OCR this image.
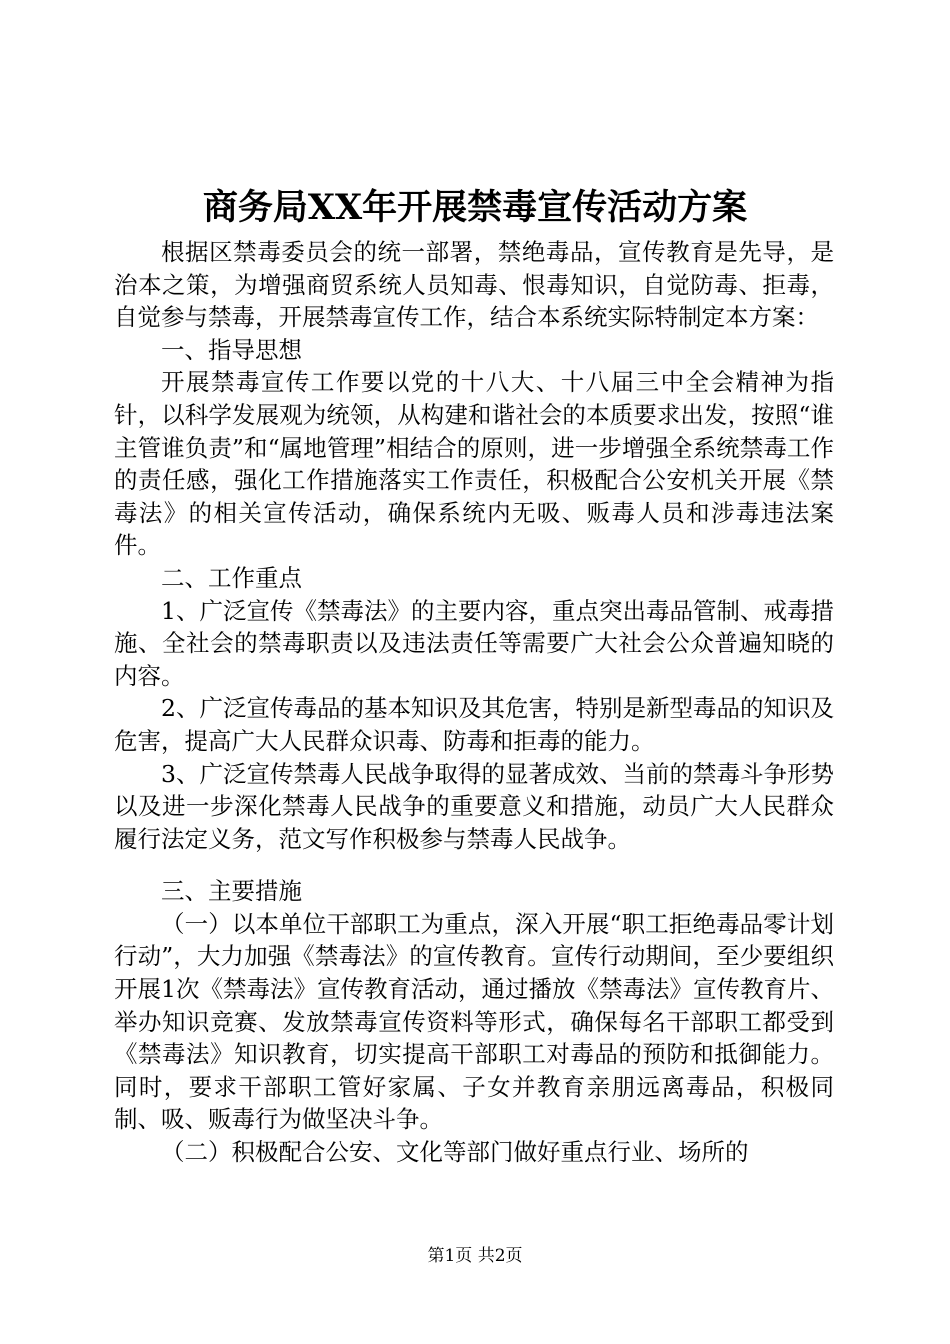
商务局XX年开展禁毒宣传活动方案

根据区禁毒委员会的统一部署，禁绝毒品，宣传教育是先导，是治本之策，为增强商贸系统人员知毒、恨毒知识，自觉防毒、拒毒，自觉参与禁毒，开展禁毒宣传工作，结合本系统实际特制定本方案：

一、指导思想

开展禁毒宣传工作要以党的十八大、十八届三中全会精神为指针，以科学发展观为统领，从构建和谐社会的本质要求出发，按照“谁主管谁负责”和“属地管理”相结合的原则，进一步增强全系统禁毒工作的责任感，强化工作措施落实工作责任，积极配合公安机关开展《禁毒法》的相关宣传活动，确保系统内无吸、贩毒人员和涉毒违法案件。

二、工作重点

1、广泛宣传《禁毒法》的主要内容，重点突出毒品管制、戒毒措施、全社会的禁毒职责以及违法责任等需要广大社会公众普遍知晓的内容。

2、广泛宣传毒品的基本知识及其危害，特别是新型毒品的知识及危害，提高广大人民群众识毒、防毒和拒毒的能力。

3、广泛宣传禁毒人民战争取得的显著成效、当前的禁毒斗争形势以及进一步深化禁毒人民战争的重要意义和措施，动员广大人民群众履行法定义务，范文写作积极参与禁毒人民战争。

三、主要措施

（一）以本单位干部职工为重点，深入开展“职工拒绝毒品零计划行动”，大力加强《禁毒法》的宣传教育。宣传行动期间，至少要组织开展1次《禁毒法》宣传教育活动，通过播放《禁毒法》宣传教育片、举办知识竞赛、发放禁毒宣传资料等形式，确保每名干部职工都受到《禁毒法》知识教育，切实提高干部职工对毒品的预防和抵御能力。同时，要求干部职工管好家属、子女并教育亲朋远离毒品，积极同制、吸、贩毒行为做坚决斗争。

（二）积极配合公安、文化等部门做好重点行业、场所的

第1页 共2页
